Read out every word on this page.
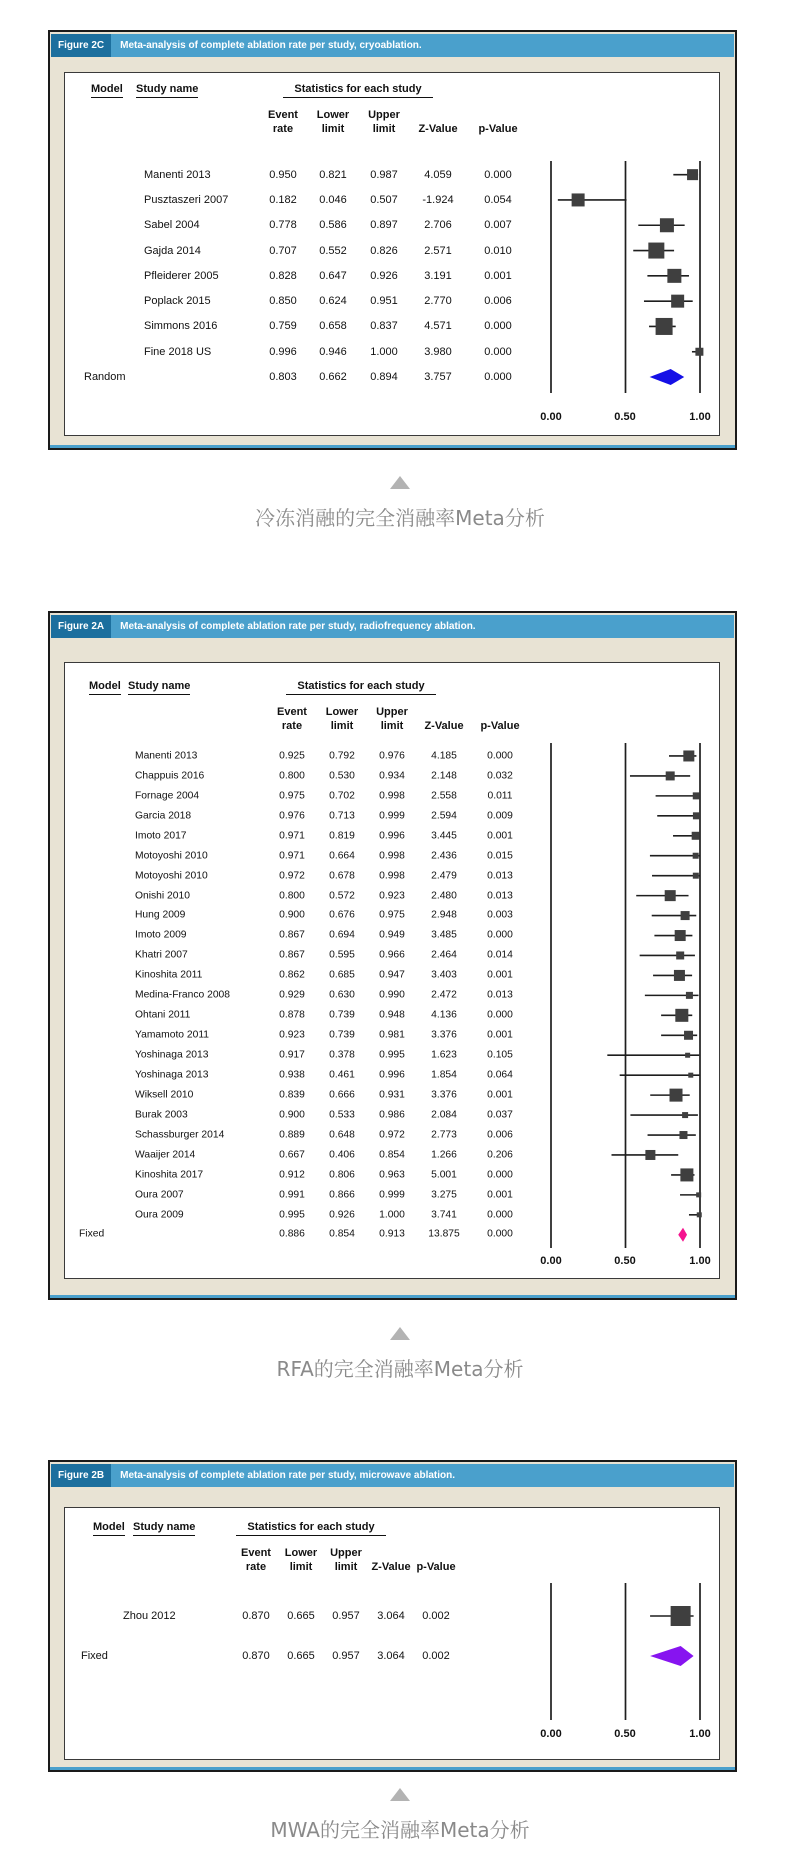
Figure 2C	Meta-analysis of complete ablation rate per study, cryoablation.
Model Study name	Statistics for each study
Event	Lower	Upper
rate	limit	limit	Z-Value	p-Value
Manenti 2013	0.950	0.821	0.987	4.059	0.000
Pusztaszeri 2007	0.182	0.046	0.507	-1.924	0.054
Sabel 2004	0.778	0.586	0.897	2.706	0.007
Gajda 2014	0.707	0.552	0.826	2.571	0.010
Pfleiderer 2005	0.828	0.647	0.926	3.191	0.001
Poplack 2015	0.850	0.624	0.951	2.770	0.006
Simmons 2016	0.759	0.658	0.837	4.571	0.000
Fine 2018 US	0.996	0.946	1.000	3.980	0.000
Random	0.803	0.662	0.894	3.757	0.000
0.00	0.50	1.00
冷冻消融的完全消融率Meta分析
Figure 2A	Meta-analysis of complete ablation rate per study, radiofrequency ablation.
Model Study name	Statistics for each study
Event	Lower	Upper
rate	limit	limit	Z-Value	p-Value
Manenti 2013	0.925	0.792	0.976	4.185	0.000
Chappuis 2016	0.800	0.530	0.934	2.148	0.032
Fornage 2004	0.975	0.702	0.998	2.558	0.011
Garcia 2018	0.976	0.713	0.999	2.594	0.009
Imoto 2017	0.971	0.819	0.996	3.445	0.001
Motoyoshi 2010	0.971	0.664	0.998	2.436	0.015
Motoyoshi 2010	0.972	0.678	0.998	2.479	0.013
Onishi 2010	0.800	0.572	0.923	2.480	0.013
Hung 2009	0.900	0.676	0.975	2.948	0.003
Imoto 2009	0.867	0.694	0.949	3.485	0.000
Khatri 2007	0.867	0.595	0.966	2.464	0.014
Kinoshita 2011	0.862	0.685	0.947	3.403	0.001
Medina-Franco 2008	0.929	0.630	0.990	2.472	0.013
Ohtani 2011	0.878	0.739	0.948	4.136	0.000
Yamamoto 2011	0.923	0.739	0.981	3.376	0.001
Yoshinaga 2013	0.917	0.378	0.995	1.623	0.105
Yoshinaga 2013	0.938	0.461	0.996	1.854	0.064
Wiksell 2010	0.839	0.666	0.931	3.376	0.001
Burak 2003	0.900	0.533	0.986	2.084	0.037
Schassburger 2014	0.889	0.648	0.972	2.773	0.006
Waaijer 2014	0.667	0.406	0.854	1.266	0.206
Kinoshita 2017	0.912	0.806	0.963	5.001	0.000
Oura 2007	0.991	0.866	0.999	3.275	0.001
Oura 2009	0.995	0.926	1.000	3.741	0.000
Fixed	0.886	0.854	0.913	13.875	0.000
0.00	0.50	1.00
RFA的完全消融率Meta分析
Figure 2B	Meta-analysis of complete ablation rate per study, microwave ablation.
Model Study name	Statistics for each study
Event	Lower	Upper
rate	limit	limit	Z-Value p-Value
Zhou 2012	0.870	0.665	0.957	3.064	0.002
Fixed	0.870	0.665	0.957	3.064	0.002
0.00	0.50	1.00
MWA的完全消融率Meta分析
